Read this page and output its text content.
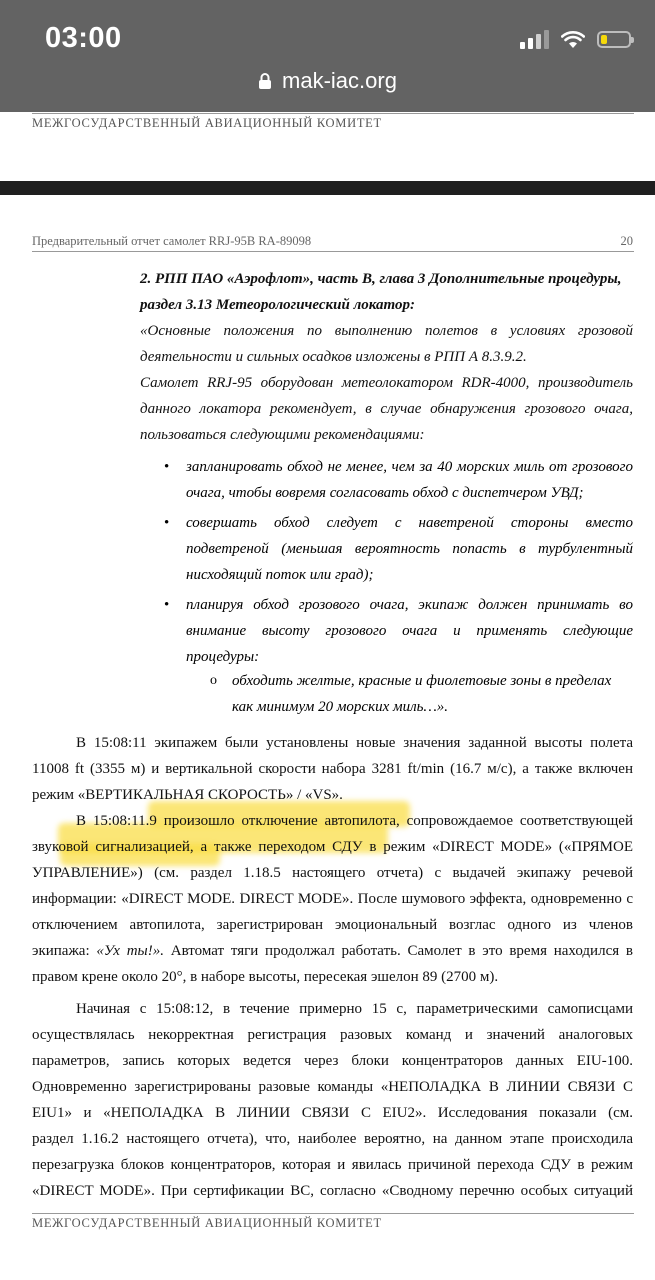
03:00
mak-iac.org
МЕЖГОСУДАРСТВЕННЫЙ АВИАЦИОННЫЙ КОМИТЕТ
Предварительный отчет самолет RRJ-95B RA-89098	20

2. РПП ПАО «Аэрофлот», часть В, глава 3 Дополнительные процедуры,

раздел 3.13 Метеорологический локатор:

«Основные положения по выполнению полетов в условиях грозовой

деятельности и сильных осадков изложены в РПП А 8.3.9.2.

Самолет RRJ-95 оборудован метеолокатором RDR-4000, производитель

данного локатора рекомендует, в случае обнаружения грозового очага,

пользоваться следующими рекомендациями:

• запланировать обход не менее, чем за 40 морских миль от грозового очага, чтобы вовремя согласовать обход с диспетчером УВД;
• совершать обход следует с наветреной стороны вместо подветреной (меньшая вероятность попасть в турбулентный нисходящий поток или град);
• планируя обход грозового очага, экипаж должен принимать во внимание высоту грозового очага и применять следующие процедуры:
o обходить желтые, красные и фиолетовые зоны в пределах как минимум 20 морских миль…».

В 15:08:11 экипажем были установлены новые значения заданной высоты полета

11008 ft (3355 м) и вертикальной скорости набора 3281 ft/min (16.7 м/с), а также включен

режим «ВЕРТИКАЛЬНАЯ СКОРОСТЬ» / «VS».

В 15:08:11.9 произошло отключение автопилота, сопровождаемое соответствующей

звуковой сигнализацией, а также переходом СДУ в режим «DIRECT MODE» («ПРЯМОЕ

УПРАВЛЕНИЕ») (см. раздел 1.18.5 настоящего отчета) с выдачей экипажу речевой

информации: «DIRECT MODE. DIRECT MODE». После шумового эффекта, одновременно с

отключением автопилота, зарегистрирован эмоциональный возглас одного из членов

экипажа: «Ух ты!». Автомат тяги продолжал работать. Самолет в это время находился в

правом крене около 20°, в наборе высоты, пересекая эшелон 89 (2700 м).

Начиная с 15:08:12, в течение примерно 15 с, параметрическими самописцами

осуществлялась некорректная регистрация разовых команд и значений аналоговых

параметров, запись которых ведется через блоки концентраторов данных EIU-100.

Одновременно зарегистрированы разовые команды «НЕПОЛАДКА В ЛИНИИ СВЯЗИ С

EIU1» и «НЕПОЛАДКА В ЛИНИИ СВЯЗИ С EIU2». Исследования показали (см.

раздел 1.16.2 настоящего отчета), что, наиболее вероятно, на данном этапе происходила

перезагрузка блоков концентраторов, которая и явилась причиной перехода СДУ в режим

«DIRECT MODE». При сертификации ВС, согласно «Сводному перечню особых ситуаций

МЕЖГОСУДАРСТВЕННЫЙ АВИАЦИОННЫЙ КОМИТЕТ
